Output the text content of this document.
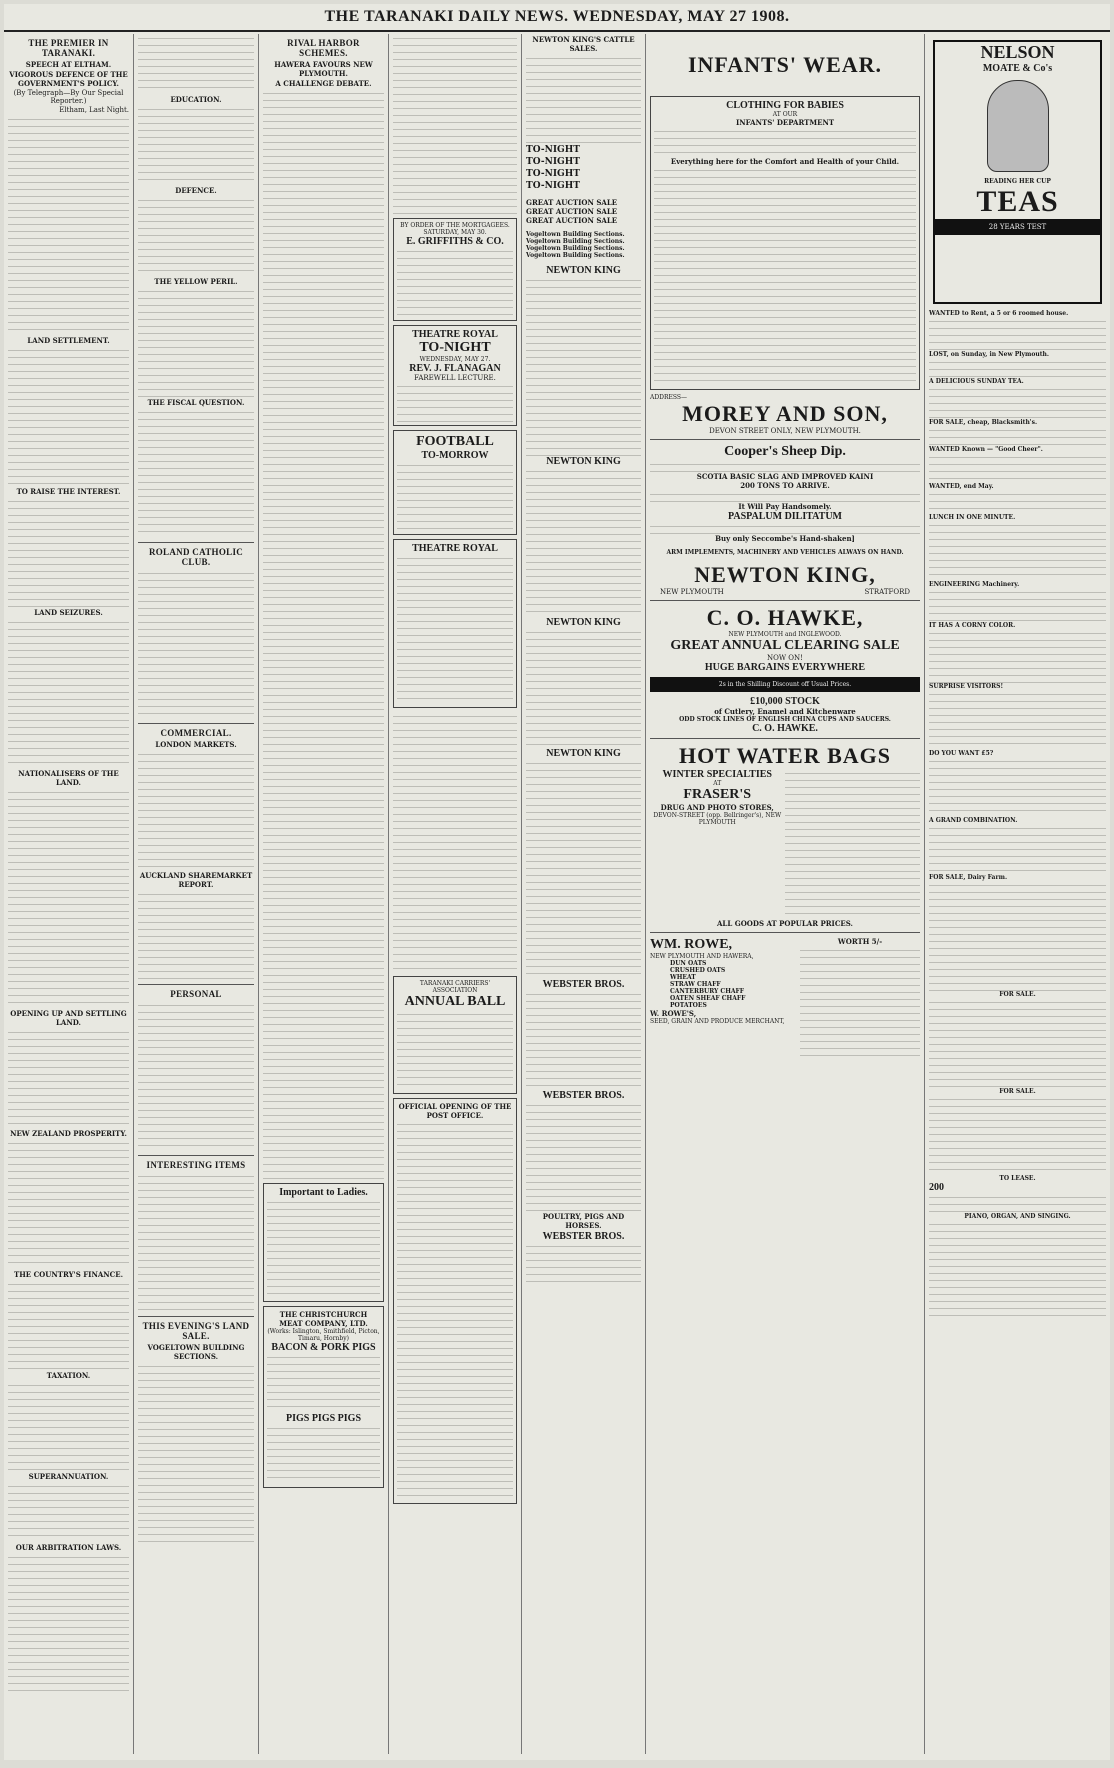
THE TARANAKI DAILY NEWS. WEDNESDAY, MAY 27 1908.
THE PREMIER IN TARANAKI.
SPEECH AT ELTHAM.
VIGOROUS DEFENCE OF THE GOVERNMENT'S POLICY.
(By Telegraph—By Our Special Reporter.)
Eltham, Last Night.
LAND SETTLEMENT.
TO RAISE THE INTEREST.
LAND SEIZURES.
NATIONALISERS OF THE LAND.
OPENING UP AND SETTLING LAND.
NEW ZEALAND PROSPERITY.
THE COUNTRY'S FINANCE.
TAXATION.
SUPERANNUATION.
OUR ARBITRATION LAWS.
EDUCATION.
DEFENCE.
THE YELLOW PERIL.
THE FISCAL QUESTION.
ROLAND CATHOLIC CLUB.
COMMERCIAL.
LONDON MARKETS.
AUCKLAND SHAREMARKET REPORT.
PERSONAL
INTERESTING ITEMS
THIS EVENING'S LAND SALE.
VOGELTOWN BUILDING SECTIONS.
RIVAL HARBOR SCHEMES.
HAWERA FAVOURS NEW PLYMOUTH.
A CHALLENGE DEBATE.
Important to Ladies.
THE CHRISTCHURCH MEAT COMPANY, LTD.
(Works: Islington, Smithfield, Picton, Timaru, Hornby)
BACON & PORK PIGS
PIGS PIGS PIGS
BY ORDER OF THE MORTGAGEES.
SATURDAY, MAY 30.
E. GRIFFITHS & CO.
THEATRE ROYAL
TO-NIGHT
WEDNESDAY, MAY 27.
REV. J. FLANAGAN
FAREWELL LECTURE.
FOOTBALL
TO-MORROW
THEATRE ROYAL
TARANAKI CARRIERS' ASSOCIATION
ANNUAL BALL
OFFICIAL OPENING OF THE POST OFFICE.
NEWTON KING'S CATTLE SALES.
TO-NIGHT
TO-NIGHT
TO-NIGHT
TO-NIGHT
GREAT AUCTION SALE
GREAT AUCTION SALE
GREAT AUCTION SALE
Vogeltown Building Sections.
Vogeltown Building Sections.
Vogeltown Building Sections.
Vogeltown Building Sections.
NEWTON KING
NEWTON KING
NEWTON KING
NEWTON KING
WEBSTER BROS.
WEBSTER BROS.
POULTRY, PIGS AND HORSES.
WEBSTER BROS.
INFANTS' WEAR.
CLOTHING FOR BABIES
AT OUR
INFANTS' DEPARTMENT
Everything here for the Comfort and Health of your Child.
ADDRESS—
MOREY AND SON,
DEVON STREET ONLY, NEW PLYMOUTH.
Cooper's Sheep Dip.
SCOTIA BASIC SLAG AND IMPROVED KAINI
200 TONS TO ARRIVE.
It Will Pay Handsomely.
PASPALUM DILITATUM
Buy only Seccombe's Hand-shaken]
ARM IMPLEMENTS, MACHINERY AND VEHICLES ALWAYS ON HAND.
NEWTON KING,
NEW PLYMOUTH	STRATFORD
C. O. HAWKE,
NEW PLYMOUTH and INGLEWOOD.
GREAT ANNUAL CLEARING SALE
NOW ON!
HUGE BARGAINS EVERYWHERE
2s in the Shilling Discount off Usual Prices.
£10,000 STOCK
of Cutlery, Enamel and Kitchenware
ODD STOCK LINES OF ENGLISH CHINA CUPS AND SAUCERS.
C. O. HAWKE.
HOT WATER BAGS
WINTER SPECIALTIES
AT
FRASER'S
DRUG AND PHOTO STORES,
DEVON-STREET (opp. Bellringer's), NEW PLYMOUTH
ALL GOODS AT POPULAR PRICES.
WM. ROWE,
NEW PLYMOUTH AND HAWERA,
DUN OATS
CRUSHED OATS
WHEAT
STRAW CHAFF
CANTERBURY CHAFF
OATEN SHEAF CHAFF
POTATOES
W. ROWE'S,
SEED, GRAIN AND PRODUCE MERCHANT,
WORTH 5/-
NELSON
MOATE & Co's
READING HER CUP
TEAS
28 YEARS TEST
WANTED to Rent, a 5 or 6 roomed house.
LOST, on Sunday, in New Plymouth.
A DELICIOUS SUNDAY TEA.
FOR SALE, cheap, Blacksmith's.
WANTED Known — "Good Cheer".
WANTED, end May.
LUNCH IN ONE MINUTE.
ENGINEERING Machinery.
IT HAS A CORNY COLOR.
SURPRISE VISITORS!
DO YOU WANT £5?
A GRAND COMBINATION.
FOR SALE, Dairy Farm.
FOR SALE.
FOR SALE.
TO LEASE.
200
PIANO, ORGAN, AND SINGING.
